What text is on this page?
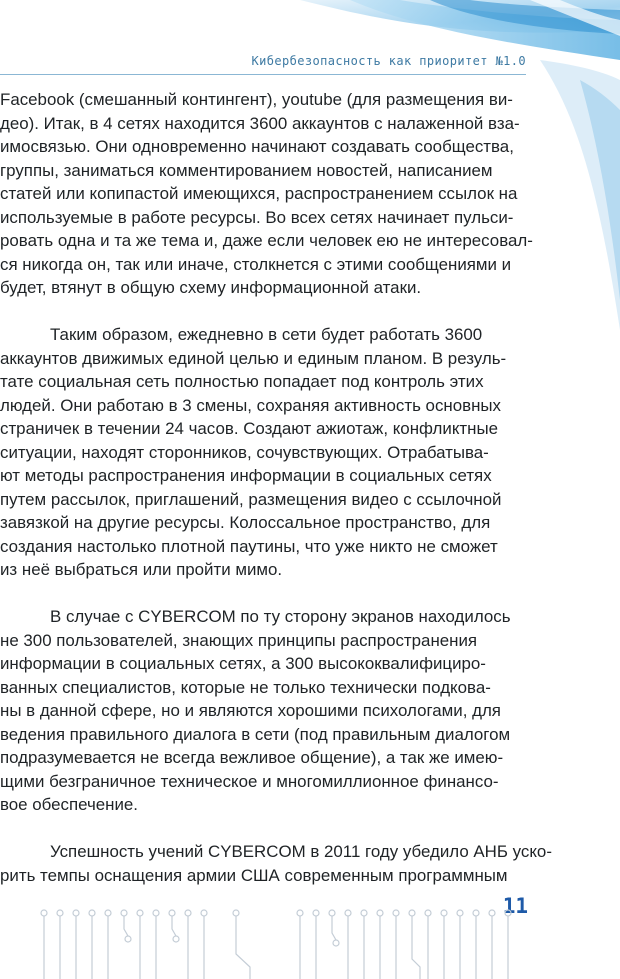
Кибербезопасность как приоритет №1.0

Facebook (смешанный контингент), youtube (для размещения ви-
део). Итак, в 4 сетях находится 3600 аккаунтов с налаженной вза-
имосвязью. Они одновременно начинают создавать сообщества,
группы, заниматься комментированием новостей, написанием
статей или копипастой имеющихся, распространением ссылок на
используемые в работе ресурсы. Во всех сетях начинает пульси-
ровать одна и та же тема и, даже если человек ею не интересовал-
ся никогда он, так или иначе, столкнется с этими сообщениями и
будет, втянут в общую схему информационной атаки.

Таким образом, ежедневно в сети будет работать 3600
аккаунтов движимых единой целью и единым планом. В резуль-
тате социальная сеть полностью попадает под контроль этих
людей. Они работаю в 3 смены, сохраняя активность основных
страничек в течении 24 часов. Создают ажиотаж, конфликтные
ситуации, находят сторонников, сочувствующих. Отрабатыва-
ют методы распространения информации в социальных сетях
путем рассылок, приглашений, размещения видео с ссылочной
завязкой на другие ресурсы. Колоссальное пространство, для
создания настолько плотной паутины, что уже никто не сможет
из неё выбраться или пройти мимо.

В случае с CYBERCOM по ту сторону экранов находилось
не 300 пользователей, знающих принципы распространения
информации в социальных сетях, а 300 высококвалифициро-
ванных специалистов, которые не только технически подкова-
ны в данной сфере, но и являются хорошими психологами, для
ведения правильного диалога в сети (под правильным диалогом
подразумевается не всегда вежливое общение), а так же имею-
щими безграничное техническое и многомиллионное финансо-
вое обеспечение.

Успешность учений CYBERCOM в 2011 году убедило АНБ уско-
рить темпы оснащения армии США современным программным

11
